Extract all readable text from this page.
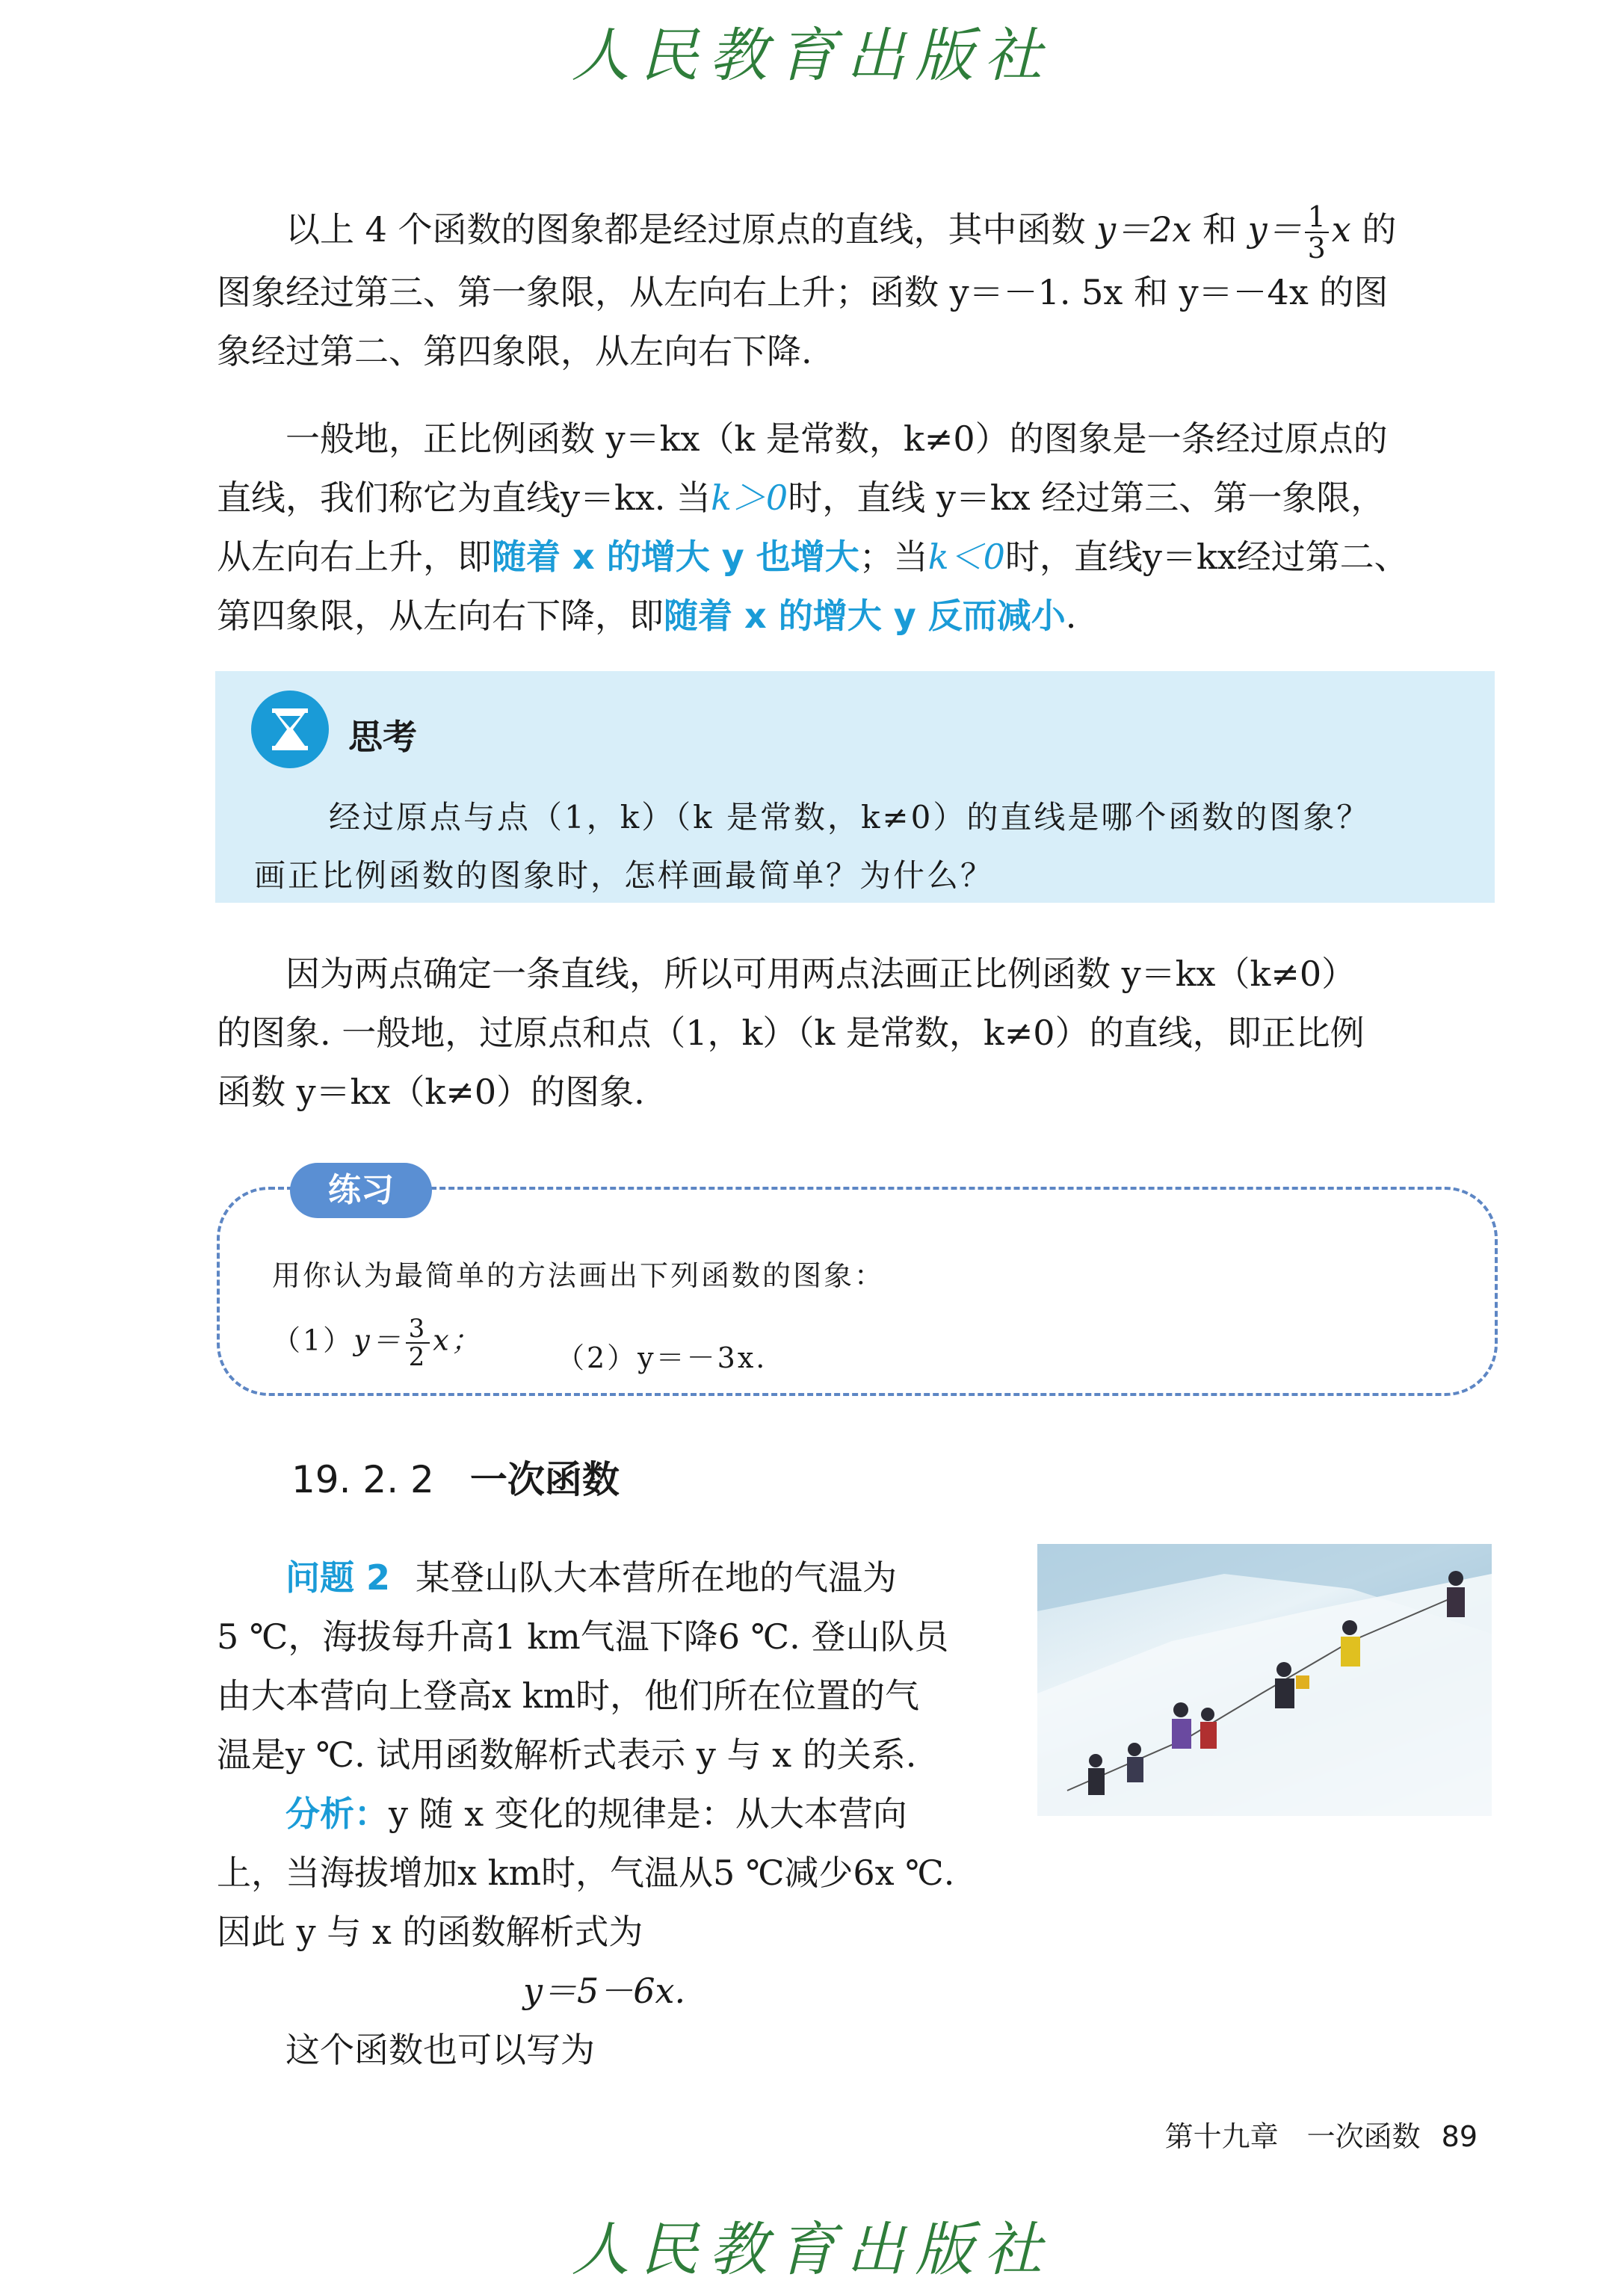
人民教育出版社
以上 4 个函数的图象都是经过原点的直线，其中函数 y＝2x 和 $y= \frac{1}{3}$ x 的
图象经过第三、第一象限，从左向右上升；函数 y＝－1. 5x 和 y＝－4x 的图
象经过第二、第四象限，从左向右下降.
一般地，正比例函数 y＝kx（k 是常数，k≠0）的图象是一条经过原点的
直线，我们称它为直线y＝kx. 当k＞0时，直线 y＝kx 经过第三、第一象限，
从左向右上升，即随着 x 的增大 y 也增大；当k＜0时，直线y＝kx经过第二、
第四象限，从左向右下降，即随着 x 的增大 y 反而减小.
思考
经过原点与点（1，k）（k 是常数，k≠0）的直线是哪个函数的图象？
画正比例函数的图象时，怎样画最简单？为什么？
因为两点确定一条直线，所以可用两点法画正比例函数 y＝kx（k≠0）
的图象. 一般地，过原点和点（1，k）（k 是常数，k≠0）的直线，即正比例
函数 y＝kx（k≠0）的图象.
练习
用你认为最简单的方法画出下列函数的图象：
$(1)y= \frac{3}{2}$ x；
（2）y＝－3x.
19. 2. 2 一次函数
问题 2 某登山队大本营所在地的气温为
5 ℃，海拔每升高1 km气温下降6 ℃. 登山队员
由大本营向上登高x km时，他们所在位置的气
温是y ℃. 试用函数解析式表示 y 与 x 的关系.
分析：y 随 x 变化的规律是：从大本营向
上，当海拔增加x km时，气温从5 ℃减少6x ℃.
因此 y 与 x 的函数解析式为
y＝5－6x.
这个函数也可以写为
第十九章　一次函数 89
人民教育出版社
